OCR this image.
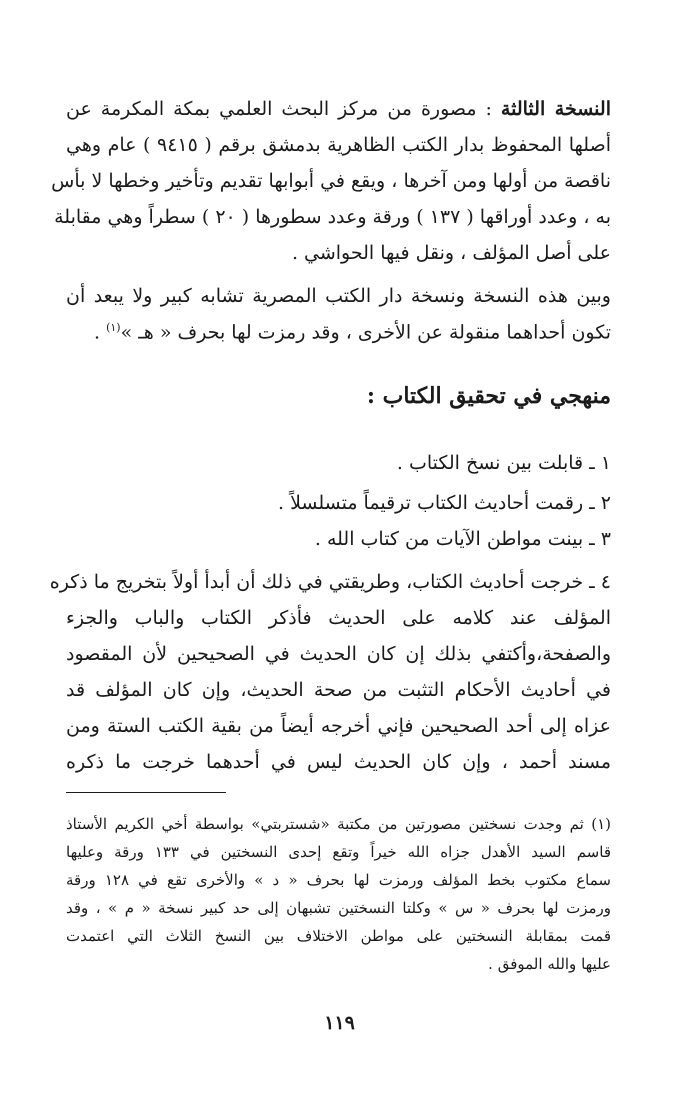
النسخة الثالثة : مصورة من مركز البحث العلمي بمكة المكرمة عن
أصلها المحفوظ بدار الكتب الظاهرية بدمشق برقم ( ٩٤١٥ ) عام وهي
ناقصة من أولها ومن آخرها ، ويقع في أبوابها تقديم وتأخير وخطها لا بأس
به ، وعدد أوراقها ( ١٣٧ ) ورقة وعدد سطورها ( ٢٠ ) سطراً وهي مقابلة
على أصل المؤلف ، ونقل فيها الحواشي .
وبين هذه النسخة ونسخة دار الكتب المصرية تشابه كبير ولا يبعد أن
تكون أحداهما منقولة عن الأخرى ، وقد رمزت لها بحرف « هـ »$^{(١)}$ .
منهجي في تحقيق الكتاب :
١ ـ قابلت بين نسخ الكتاب .
٢ ـ رقمت أحاديث الكتاب ترقيماً متسلسلاً .
٣ ـ بينت مواطن الآيات من كتاب الله .
٤ ـ خرجت أحاديث الكتاب، وطريقتي في ذلك أن أبدأ أولاً بتخريج ما ذكره
المؤلف عند كلامه على الحديث فأذكر الكتاب والباب والجزء
والصفحة،وأكتفي بذلك إن كان الحديث في الصحيحين لأن المقصود
في أحاديث الأحكام التثبت من صحة الحديث، وإن كان المؤلف قد
عزاه إلى أحد الصحيحين فإني أخرجه أيضاً من بقية الكتب الستة ومن
مسند أحمد ، وإن كان الحديث ليس في أحدهما خرجت ما ذكره
(١) ثم وجدت نسختين مصورتين من مكتبة «شستربتي» بواسطة أخي الكريم الأستاذ
قاسم السيد الأهدل جزاه الله خيراً وتقع إحدى النسختين في ١٣٣ ورقة وعليها
سماع مكتوب بخط المؤلف ورمزت لها بحرف « د » والأخرى تقع في ١٢٨ ورقة
ورمزت لها بحرف « س » وكلتا النسختين تشبهان إلى حد كبير نسخة « م » ، وقد
قمت بمقابلة النسختين على مواطن الاختلاف بين النسخ الثلاث التي اعتمدت
عليها والله الموفق .
١١٩
